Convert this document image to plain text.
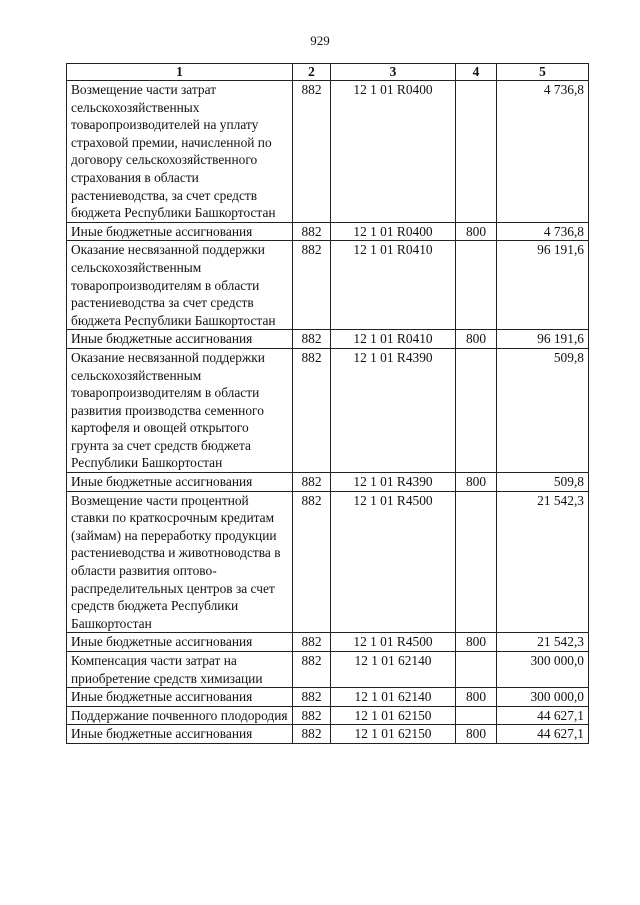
929
1	2	3	4	5
Возмещение части затрат сельскохозяйственных товаропроизводителей на уплату страховой премии, начисленной по договору сельскохозяйственного страхования в области растениеводства, за счет средств бюджета Республики Башкортостан	882	12 1 01 R0400		4 736,8
Иные бюджетные ассигнования	882	12 1 01 R0400	800	4 736,8
Оказание несвязанной поддержки сельскохозяйственным товаропроизводителям в области растениеводства за счет средств бюджета Республики Башкортостан	882	12 1 01 R0410		96 191,6
Иные бюджетные ассигнования	882	12 1 01 R0410	800	96 191,6
Оказание несвязанной поддержки сельскохозяйственным товаропроизводителям в области развития производства семенного картофеля и овощей открытого грунта за счет средств бюджета Республики Башкортостан	882	12 1 01 R4390		509,8
Иные бюджетные ассигнования	882	12 1 01 R4390	800	509,8
Возмещение части процентной ставки по краткосрочным кредитам (займам) на переработку продукции растениеводства и животноводства в области развития оптово-распределительных центров за счет средств бюджета Республики Башкортостан	882	12 1 01 R4500		21 542,3
Иные бюджетные ассигнования	882	12 1 01 R4500	800	21 542,3
Компенсация части затрат на приобретение средств химизации	882	12 1 01 62140		300 000,0
Иные бюджетные ассигнования	882	12 1 01 62140	800	300 000,0
Поддержание почвенного плодородия	882	12 1 01 62150		44 627,1
Иные бюджетные ассигнования	882	12 1 01 62150	800	44 627,1
